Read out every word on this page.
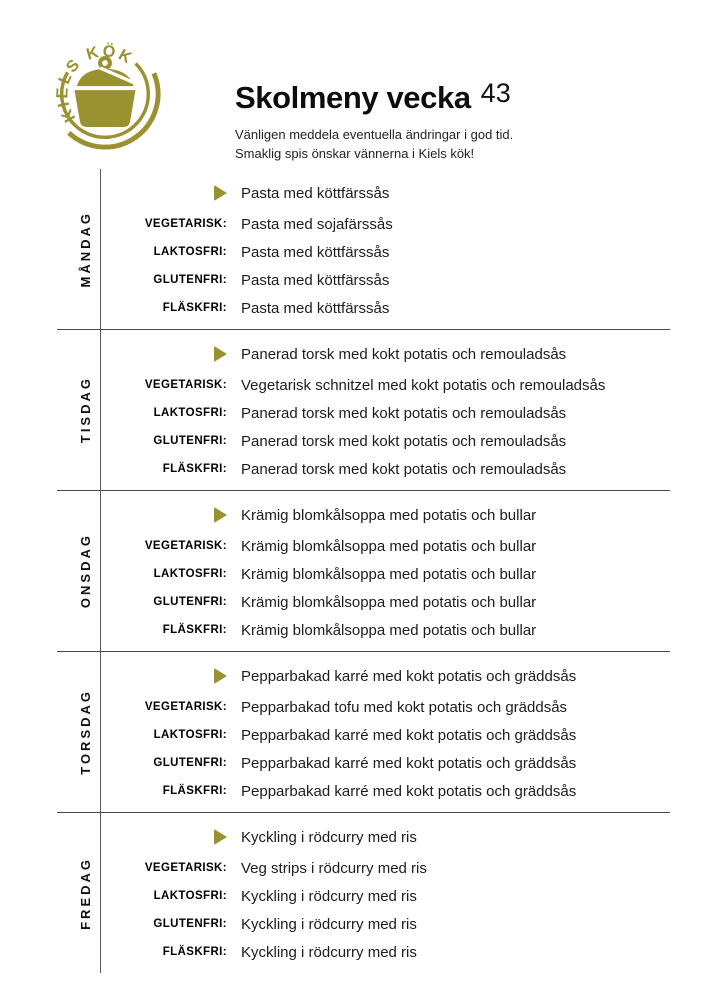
KIELS KÖK
Skolmeny vecka 43
Vänligen meddela eventuella ändringar i god tid.
Smaklig spis önskar vännerna i Kiels kök!
MÅNDAG
Pasta med köttfärssås
VEGETARISK: Pasta med sojafärssås
LAKTOSFRI: Pasta med köttfärssås
GLUTENFRI: Pasta med köttfärssås
FLÄSKFRI: Pasta med köttfärssås
TISDAG
Panerad torsk med kokt potatis och remouladsås
VEGETARISK: Vegetarisk schnitzel med kokt potatis och remouladsås
LAKTOSFRI: Panerad torsk med kokt potatis och remouladsås
GLUTENFRI: Panerad torsk med kokt potatis och remouladsås
FLÄSKFRI: Panerad torsk med kokt potatis och remouladsås
ONSDAG
Krämig blomkålsoppa med potatis och bullar
VEGETARISK: Krämig blomkålsoppa med potatis och bullar
LAKTOSFRI: Krämig blomkålsoppa med potatis och bullar
GLUTENFRI: Krämig blomkålsoppa med potatis och bullar
FLÄSKFRI: Krämig blomkålsoppa med potatis och bullar
TORSDAG
Pepparbakad karré med kokt potatis och gräddsås
VEGETARISK: Pepparbakad tofu med kokt potatis och gräddsås
LAKTOSFRI: Pepparbakad karré med kokt potatis och gräddsås
GLUTENFRI: Pepparbakad karré med kokt potatis och gräddsås
FLÄSKFRI: Pepparbakad karré med kokt potatis och gräddsås
FREDAG
Kyckling i rödcurry med ris
VEGETARISK: Veg strips i rödcurry med ris
LAKTOSFRI: Kyckling i rödcurry med ris
GLUTENFRI: Kyckling i rödcurry med ris
FLÄSKFRI: Kyckling i rödcurry med ris
